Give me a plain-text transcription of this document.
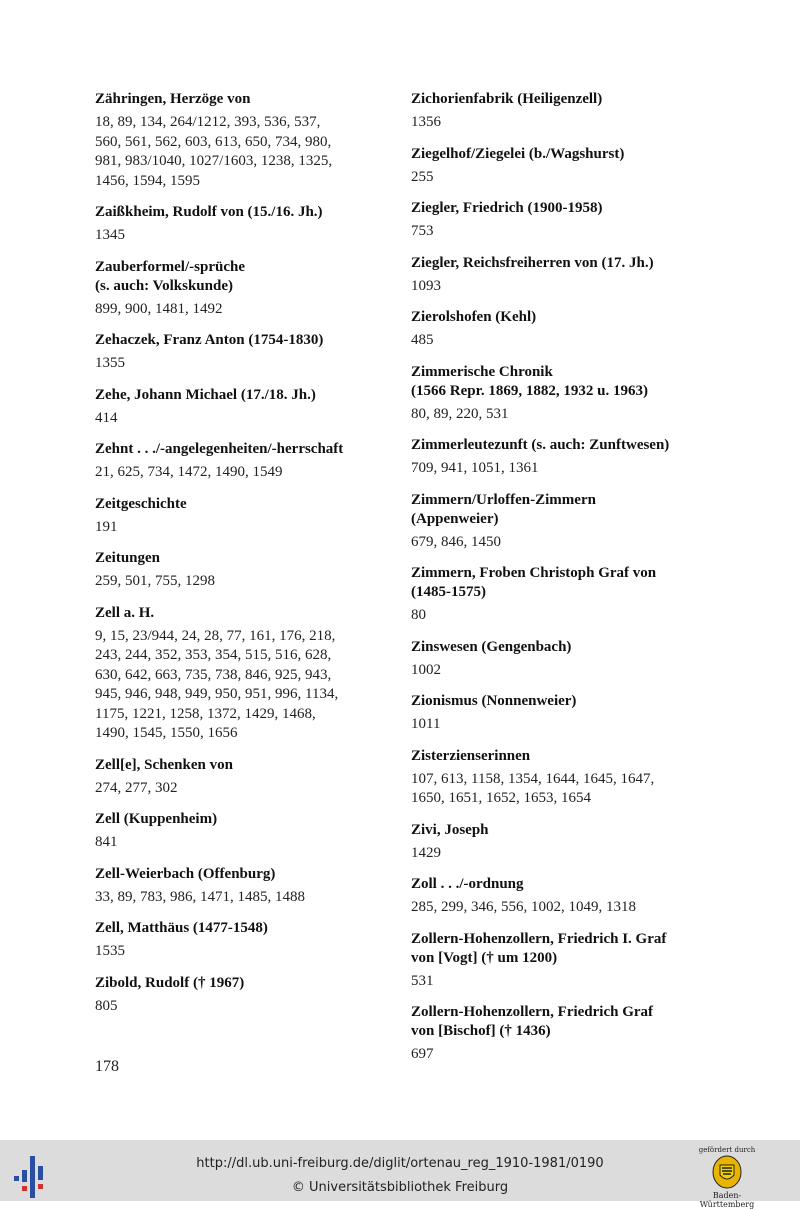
Zähringen, Herzöge von
18, 89, 134, 264/1212, 393, 536, 537,
560, 561, 562, 603, 613, 650, 734, 980,
981, 983/1040, 1027/1603, 1238, 1325,
1456, 1594, 1595
Zaißkheim, Rudolf von (15./16. Jh.)
1345
Zauberformel/-sprüche
(s. auch: Volkskunde)
899, 900, 1481, 1492
Zehaczek, Franz Anton (1754-1830)
1355
Zehe, Johann Michael (17./18. Jh.)
414
Zehnt . . ./-angelegenheiten/-herrschaft
21, 625, 734, 1472, 1490, 1549
Zeitgeschichte
191
Zeitungen
259, 501, 755, 1298
Zell a. H.
9, 15, 23/944, 24, 28, 77, 161, 176, 218,
243, 244, 352, 353, 354, 515, 516, 628,
630, 642, 663, 735, 738, 846, 925, 943,
945, 946, 948, 949, 950, 951, 996, 1134,
1175, 1221, 1258, 1372, 1429, 1468,
1490, 1545, 1550, 1656
Zell[e], Schenken von
274, 277, 302
Zell (Kuppenheim)
841
Zell-Weierbach (Offenburg)
33, 89, 783, 986, 1471, 1485, 1488
Zell, Matthäus (1477-1548)
1535
Zibold, Rudolf († 1967)
805
Zichorienfabrik (Heiligenzell)
1356
Ziegelhof/Ziegelei (b./Wagshurst)
255
Ziegler, Friedrich (1900-1958)
753
Ziegler, Reichsfreiherren von (17. Jh.)
1093
Zierolshofen (Kehl)
485
Zimmerische Chronik
(1566 Repr. 1869, 1882, 1932 u. 1963)
80, 89, 220, 531
Zimmerleutezunft (s. auch: Zunftwesen)
709, 941, 1051, 1361
Zimmern/Urloffen-Zimmern
(Appenweier)
679, 846, 1450
Zimmern, Froben Christoph Graf von
(1485-1575)
80
Zinswesen (Gengenbach)
1002
Zionismus (Nonnenweier)
1011
Zisterzienserinnen
107, 613, 1158, 1354, 1644, 1645, 1647,
1650, 1651, 1652, 1653, 1654
Zivi, Joseph
1429
Zoll . . ./-ordnung
285, 299, 346, 556, 1002, 1049, 1318
Zollern-Hohenzollern, Friedrich I. Graf
von [Vogt] († um 1200)
531
Zollern-Hohenzollern, Friedrich Graf
von [Bischof] († 1436)
697
178
http://dl.ub.uni-freiburg.de/diglit/ortenau_reg_1910-1981/0190
© Universitätsbibliothek Freiburg
gefördert durch
Baden-Württemberg
